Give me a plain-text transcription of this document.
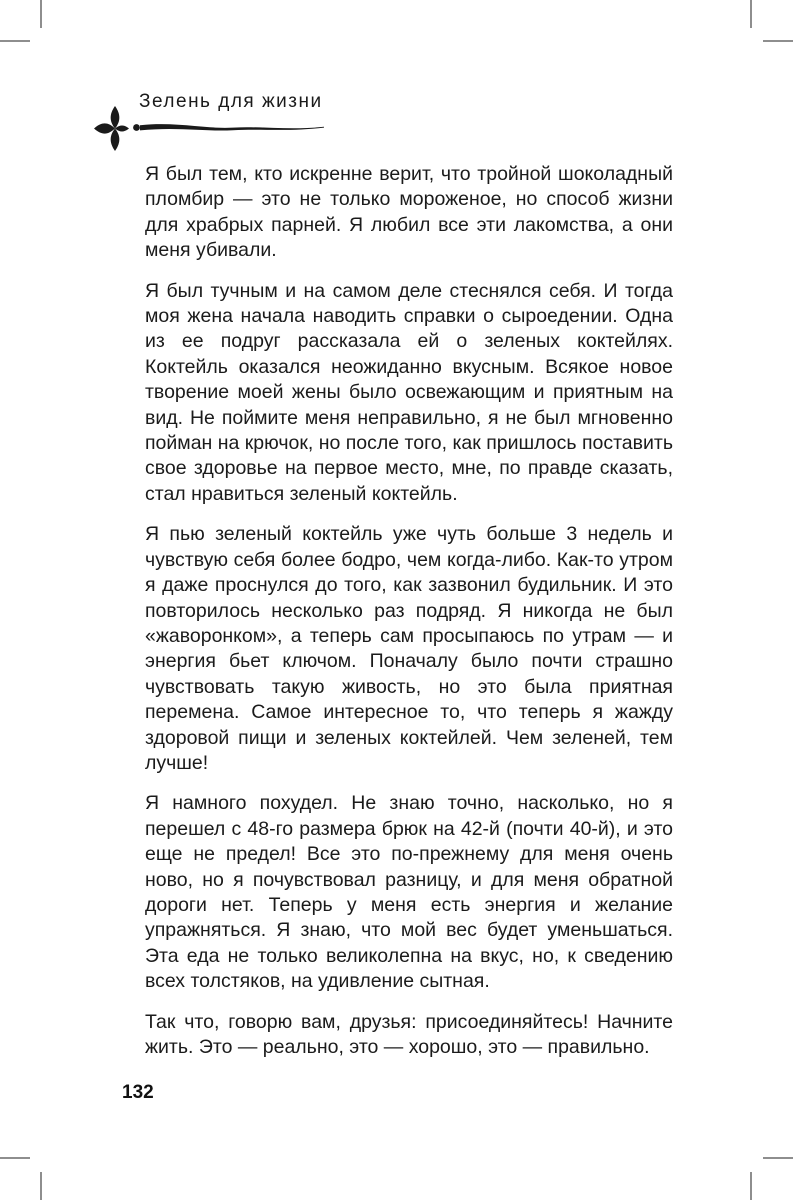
Зелень для жизни

Я был тем, кто искренне верит, что тройной шоколадный пломбир — это не только мороженое, но способ жизни для храбрых парней. Я любил все эти лакомства, а они меня убивали.

Я был тучным и на самом деле стеснялся себя. И тогда моя жена начала наводить справки о сыроедении. Одна из ее подруг рассказала ей о зеленых коктейлях. Коктейль оказался неожиданно вкусным. Всякое новое творение моей жены было освежающим и приятным на вид. Не поймите меня неправильно, я не был мгновенно пойман на крючок, но после того, как пришлось поставить свое здоровье на первое место, мне, по правде сказать, стал нравиться зеленый коктейль.

Я пью зеленый коктейль уже чуть больше 3 недель и чувствую себя более бодро, чем когда-либо. Как-то утром я даже проснулся до того, как зазвонил будильник. И это повторилось несколько раз подряд. Я никогда не был «жаворонком», а теперь сам просыпаюсь по утрам — и энергия бьет ключом. Поначалу было почти страшно чувствовать такую живость, но это была приятная перемена. Самое интересное то, что теперь я жажду здоровой пищи и зеленых коктейлей. Чем зеленей, тем лучше!

Я намного похудел. Не знаю точно, насколько, но я перешел с 48-го размера брюк на 42-й (почти 40-й), и это еще не предел! Все это по-прежнему для меня очень ново, но я почувствовал разницу, и для меня обратной дороги нет. Теперь у меня есть энергия и желание упражняться. Я знаю, что мой вес будет уменьшаться. Эта еда не только великолепна на вкус, но, к сведению всех толстяков, на удивление сытная.

Так что, говорю вам, друзья: присоединяйтесь! Начните жить. Это — реально, это — хорошо, это — правильно.

132
